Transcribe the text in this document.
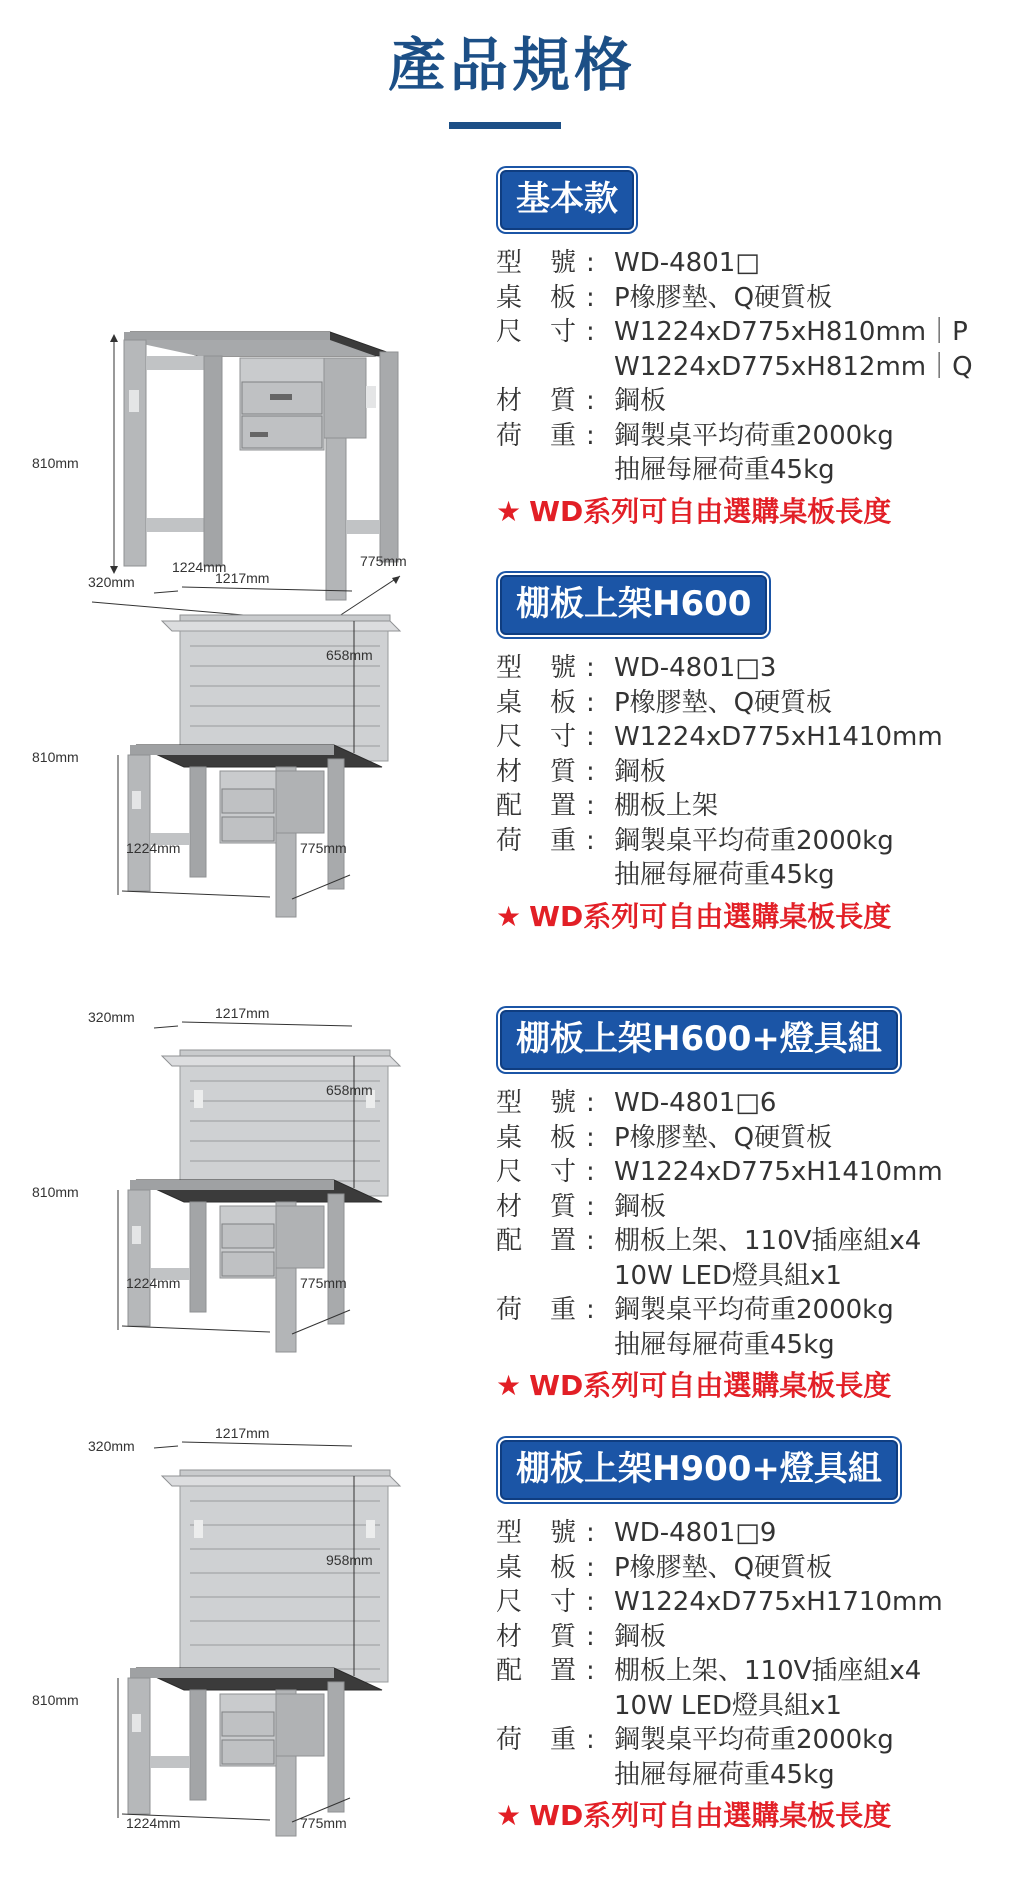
產品規格
810mm
1224mm	775mm
基本款
型	號 : WD-4801□
桌	板 : P橡膠墊、Q硬質板
尺	寸 : W1224xD775xH810mm｜P
W1224xD775xH812mm｜Q
材	質 : 鋼板
荷	重 : 鋼製桌平均荷重2000kg
抽屜每屜荷重45kg
★ WD系列可自由選購桌板長度
320mm	1217mm
658mm
810mm
1224mm	775mm
棚板上架H600
型	號 : WD-4801□3
桌	板 : P橡膠墊、Q硬質板
尺	寸 : W1224xD775xH1410mm
材	質 : 鋼板
配	置 : 棚板上架
荷	重 : 鋼製桌平均荷重2000kg
抽屜每屜荷重45kg
★ WD系列可自由選購桌板長度
320mm	1217mm
658mm
810mm
1224mm	775mm
棚板上架H600+燈具組
型	號 : WD-4801□6
桌	板 : P橡膠墊、Q硬質板
尺	寸 : W1224xD775xH1410mm
材	質 : 鋼板
配	置 : 棚板上架、110V插座組x4
10W LED燈具組x1
荷	重 : 鋼製桌平均荷重2000kg
抽屜每屜荷重45kg
★ WD系列可自由選購桌板長度
320mm
1217mm
958mm
810mm
1224mm	775mm
棚板上架H900+燈具組
型	號 : WD-4801□9
桌	板 : P橡膠墊、Q硬質板
尺	寸 : W1224xD775xH1710mm
材	質 : 鋼板
配	置 : 棚板上架、110V插座組x4
10W LED燈具組x1
荷	重 : 鋼製桌平均荷重2000kg
抽屜每屜荷重45kg
★ WD系列可自由選購桌板長度
